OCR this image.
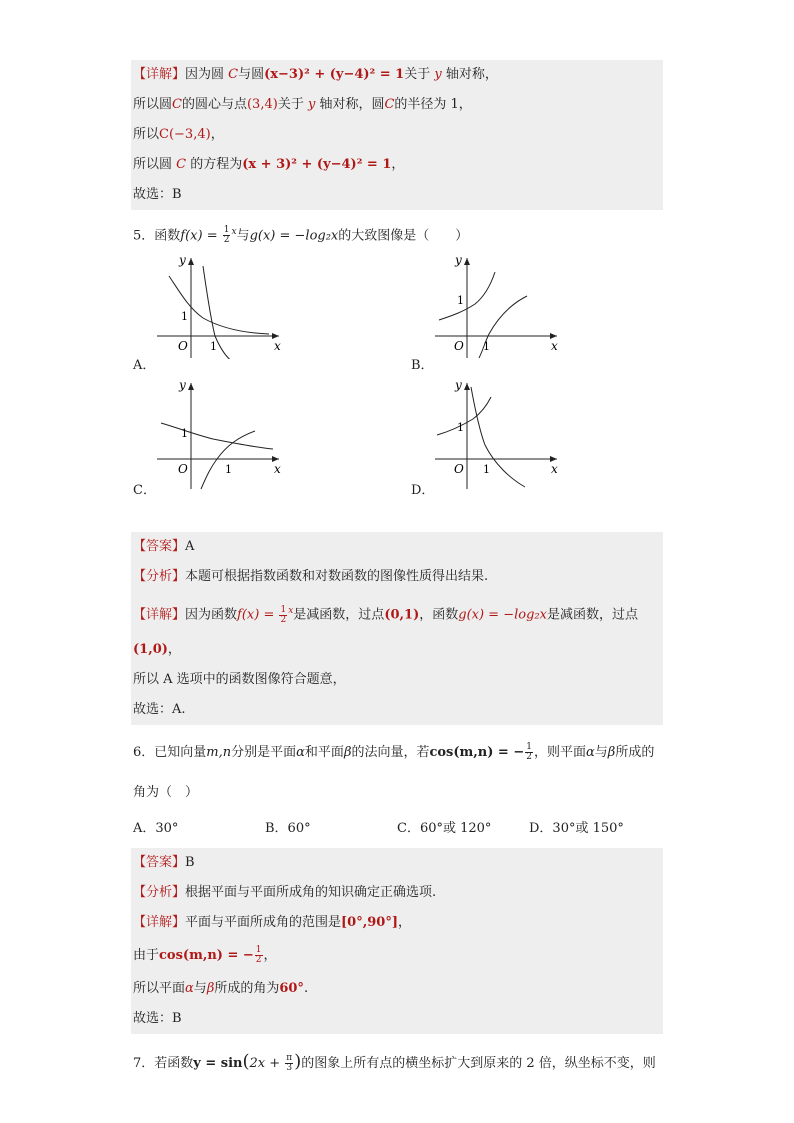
【详解】因为圆 C与圆(x−3)² + (y−4)² = 1关于 y 轴对称，
所以圆C的圆心与点(3,4)关于 y 轴对称，圆C的半径为 1，
所以C(−3,4)，
所以圆 C 的方程为(x + 3)² + (y−4)² = 1，
故选：B
5．函数$f(x) = \frac{1}{2} ^x$与g(x) = −log₂x的大致图像是（　　）
y
x
O
1
1
A．
y
x
O
1
1
B．
y
x
O
1
1
C．
y
x
O
1
1
D．
【答案】A
【分析】本题可根据指数函数和对数函数的图像性质得出结果.
【详解】因为函数$f(x) = \frac{1}{2} ^x$是减函数，过点(0,1)，函数g(x) = −log₂x是减函数，过点
(1,0)，
所以 A 选项中的函数图像符合题意，
故选：A.
6．已知向量m,n分别是平面α和平面β的法向量，若cos(m,n) = − $\frac{1}{2}$ ，则平面α与β所成的
角为（　）
A．30°	B．60°	C．60°或 120°	D．30°或 150°
【答案】B
【分析】根据平面与平面所成角的知识确定正确选项.
【详解】平面与平面所成角的范围是[0°,90°]，
由于cos(m,n) = − $\frac{1}{2}$ ，
所以平面α与β所成的角为60°.
故选：B
7．若函数$y = \sin(2x + \frac{\pi}{3}$ )的图象上所有点的横坐标扩大到原来的 2 倍，纵坐标不变，则
